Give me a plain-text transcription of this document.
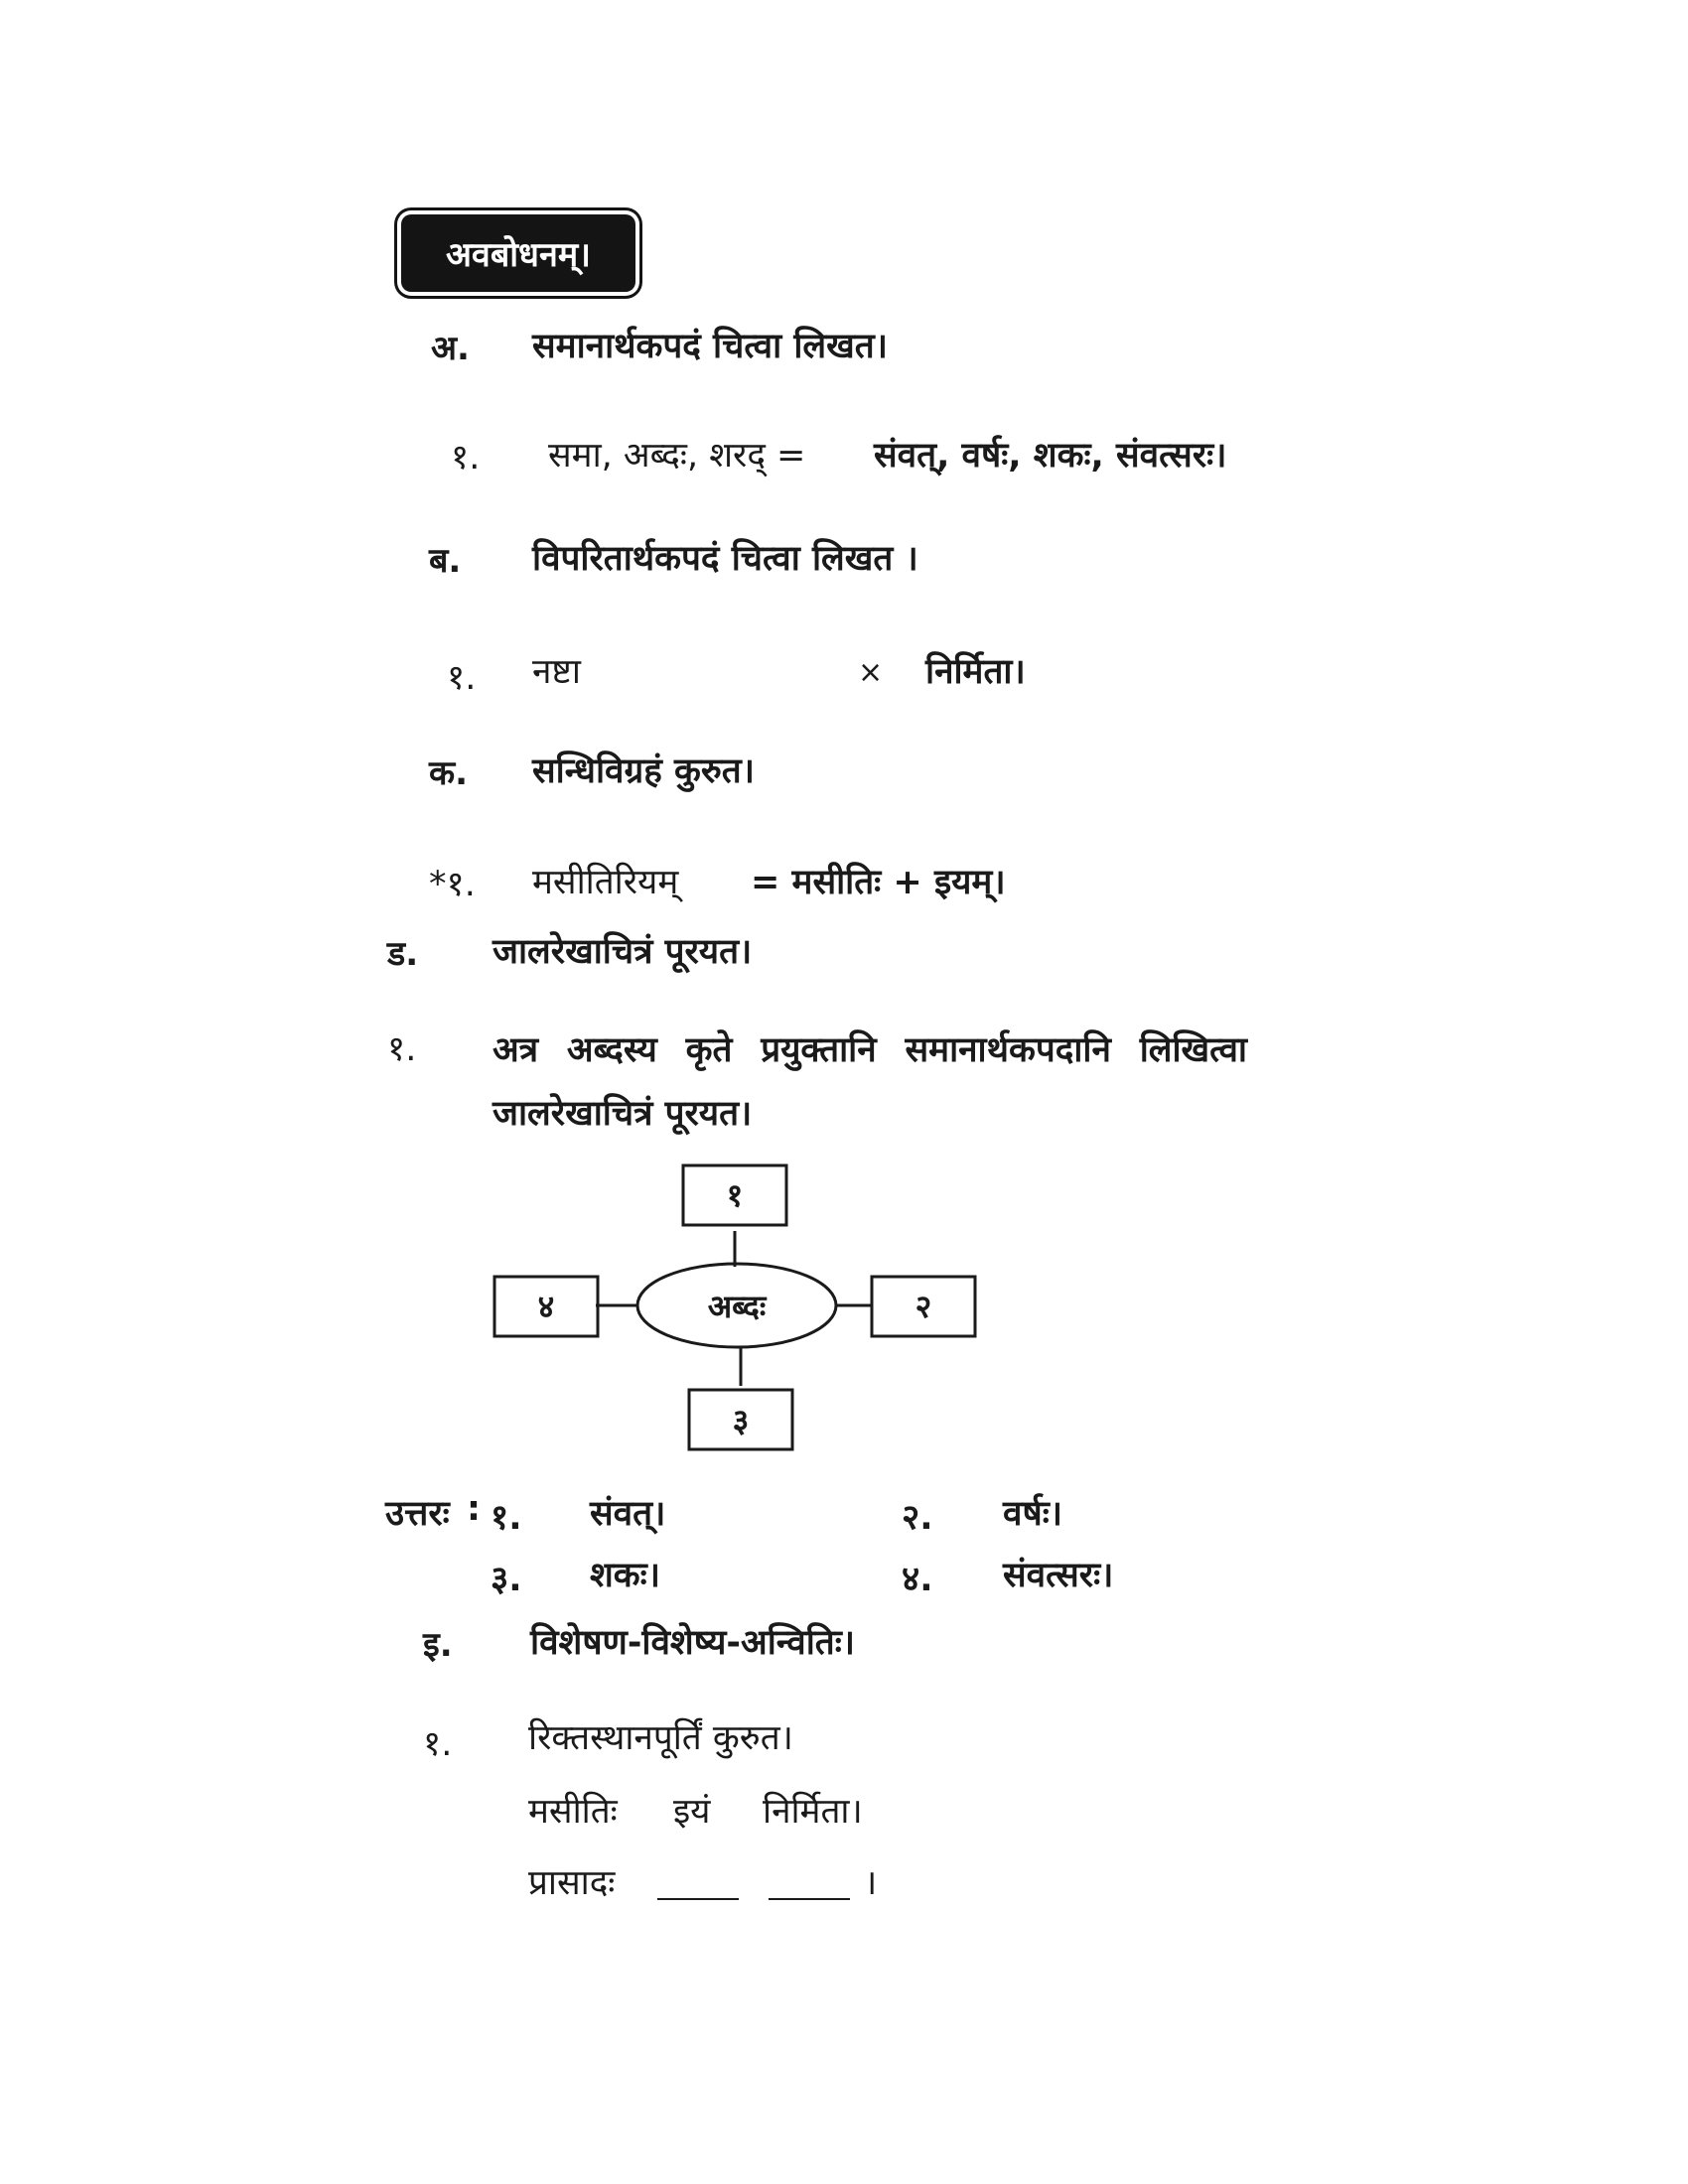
अवबोधनम्।
अ. समानार्थकपदं चित्वा लिखत।
१. समा, अब्दः, शरद् = संवत्, वर्षः, शकः, संवत्सरः।
ब. विपरितार्थकपदं चित्वा लिखत ।
१. नष्टा	× निर्मिता।
क. सन्धिविग्रहं कुरुत।
*१. मसीतिरियम् = मसीतिः + इयम्।
ड. जालरेखाचित्रं पूरयत।
१. अत्र अब्दस्य कृते प्रयुक्तानि समानार्थकपदानि लिखित्वा जालरेखाचित्रं पूरयत।
१
२
४
३
अब्दः
उत्तरः : १. संवत्।	२. वर्षः।
३. शकः।	४. संवत्सरः।
इ. विशेषण-विशेष्य-अन्वितिः।
१. रिक्तस्थानपूर्तिं कुरुत।
मसीतिः इयं निर्मिता।
प्रासादः	।
